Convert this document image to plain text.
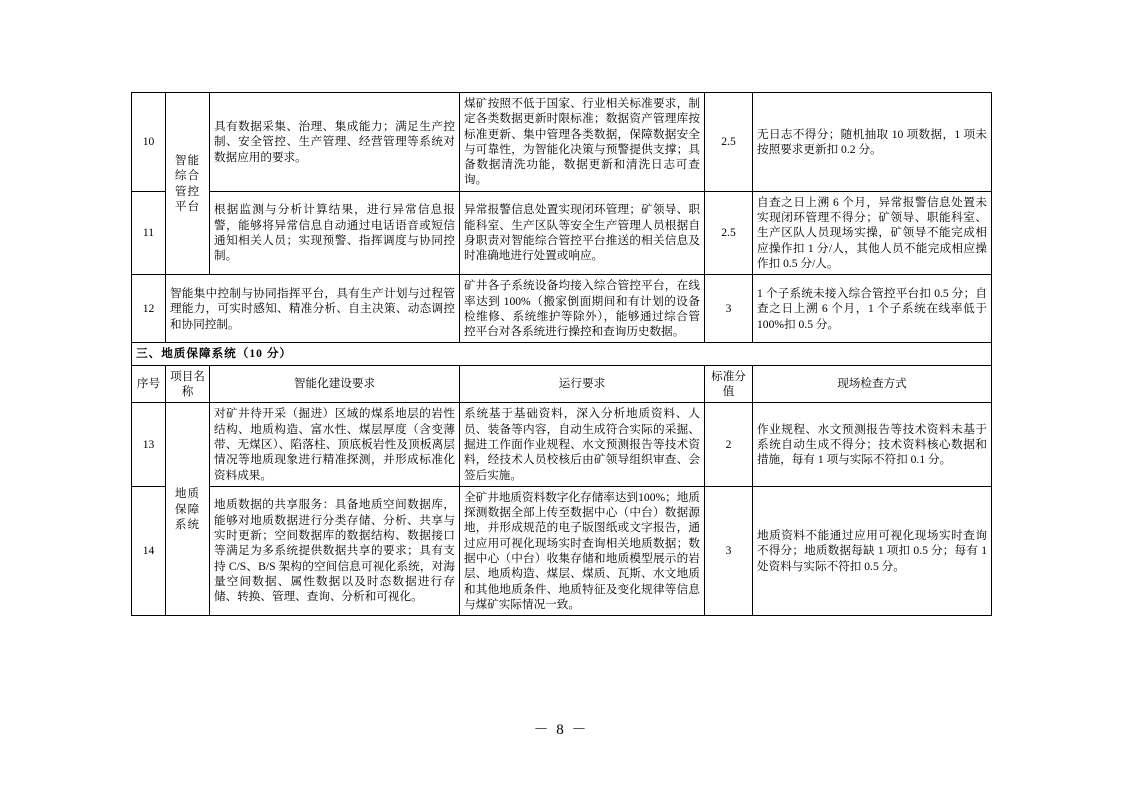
10	智能综合管控平台	具有数据采集、治理、集成能力；满足生产控制、安全管控、生产管理、经营管理等系统对数据应用的要求。	煤矿按照不低于国家、行业相关标准要求，制定各类数据更新时限标准；数据资产管理库按标准更新、集中管理各类数据，保障数据安全与可靠性，为智能化决策与预警提供支撑；具备数据清洗功能，数据更新和清洗日志可查询。	2.5	无日志不得分；随机抽取 10 项数据，1 项未按照要求更新扣 0.2 分。
11		根据监测与分析计算结果，进行异常信息报警，能够将异常信息自动通过电话语音或短信通知相关人员；实现预警、指挥调度与协同控制。	异常报警信息处置实现闭环管理；矿领导、职能科室、生产区队等安全生产管理人员根据自身职责对智能综合管控平台推送的相关信息及时准确地进行处置或响应。	2.5	自查之日上溯 6 个月，异常报警信息处置未实现闭环管理不得分；矿领导、职能科室、生产区队人员现场实操，矿领导不能完成相应操作扣 1 分/人，其他人员不能完成相应操作扣 0.5 分/人。
12	智能集中控制与协同指挥平台，具有生产计划与过程管理能力，可实时感知、精准分析、自主决策、动态调控和协同控制。		矿井各子系统设备均接入综合管控平台，在线率达到 100%（搬家倒面期间和有计划的设备检维修、系统维护等除外），能够通过综合管控平台对各系统进行操控和查询历史数据。	3	1 个子系统未接入综合管控平台扣 0.5 分；自查之日上溯 6 个月，1 个子系统在线率低于 100%扣 0.5 分。
三、地质保障系统（10 分）					
序号	项目名称	智能化建设要求	运行要求	标准分值	现场检查方式
13	地质保障系统	对矿井待开采（掘进）区域的煤系地层的岩性结构、地质构造、富水性、煤层厚度（含变薄带、无煤区）、陷落柱、顶底板岩性及顶板离层情况等地质现象进行精准探测，并形成标准化资料成果。	系统基于基础资料，深入分析地质资料、人员、装备等内容，自动生成符合实际的采掘、掘进工作面作业规程、水文预测报告等技术资料，经技术人员校核后由矿领导组织审查、会签后实施。	2	作业规程、水文预测报告等技术资料未基于系统自动生成不得分；技术资料核心数据和措施，每有 1 项与实际不符扣 0.1 分。
14		地质数据的共享服务：具备地质空间数据库，能够对地质数据进行分类存储、分析、共享与实时更新；空间数据库的数据结构、数据接口等满足为多系统提供数据共享的要求；具有支持 C/S、B/S 架构的空间信息可视化系统，对海量空间数据、属性数据以及时态数据进行存储、转换、管理、查询、分析和可视化。	全矿井地质资料数字化存储率达到100%；地质探测数据全部上传至数据中心（中台）数据源地，并形成规范的电子版图纸或文字报告，通过应用可视化现场实时查询相关地质数据；数据中心（中台）收集存储和地质模型展示的岩层、地质构造、煤层、煤质、瓦斯、水文地质和其他地质条件、地质特征及变化规律等信息与煤矿实际情况一致。	3	地质资料不能通过应用可视化现场实时查询不得分；地质数据每缺 1 项扣 0.5 分；每有 1 处资料与实际不符扣 0.5 分。
－ 8 －
